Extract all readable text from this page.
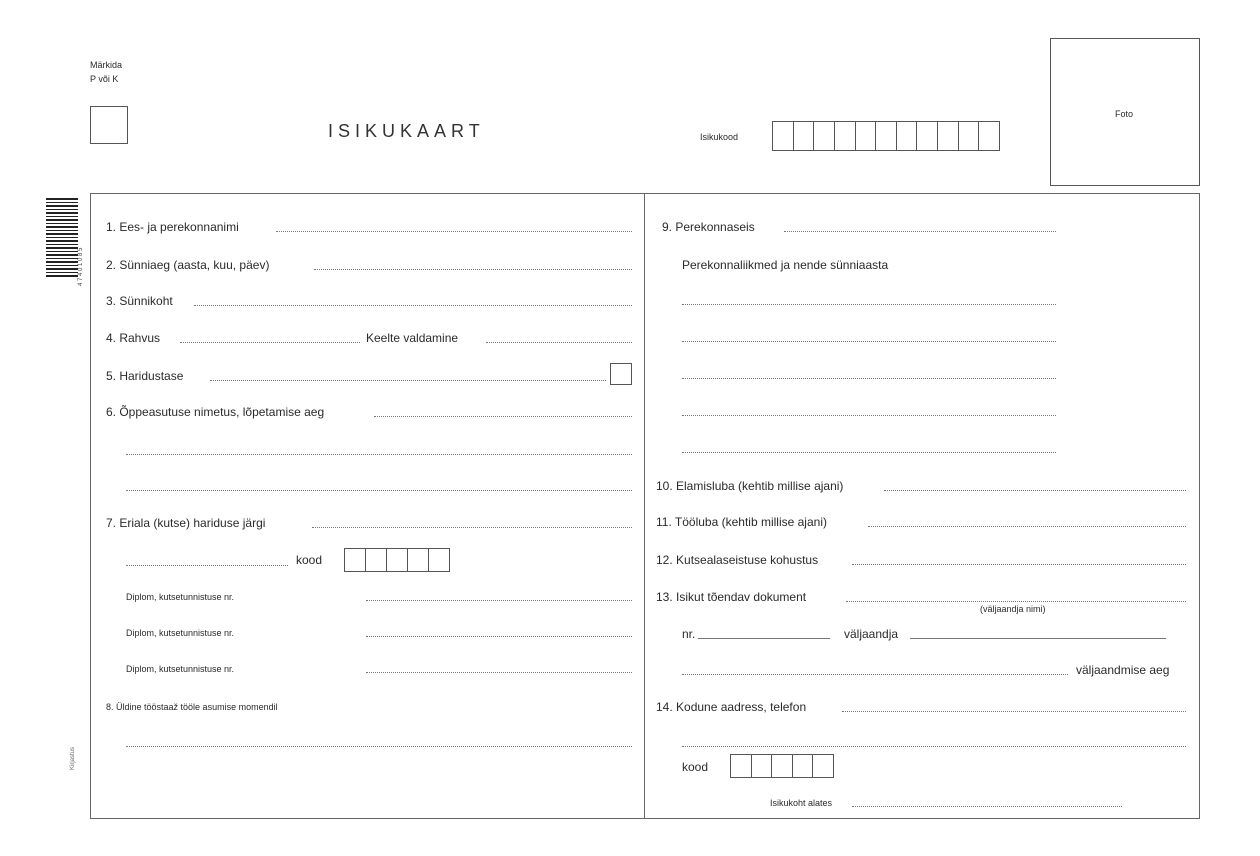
Märkida
P või K
ISIKUKAART	Isikukood
Foto
4 7 4 0 1 0 8 5
Kirjastus
1. Ees- ja perekonnanimi
2. Sünniaeg (aasta, kuu, päev)
3. Sünnikoht
4. Rahvus	Keelte valdamine
5. Haridustase
6. Õppeasutuse nimetus, lõpetamise aeg
7. Eriala (kutse) hariduse järgi
kood
Diplom, kutsetunnistuse nr.
Diplom, kutsetunnistuse nr.
Diplom, kutsetunnistuse nr.
8. Üldine tööstaaž tööle asumise momendil
9. Perekonnaseis
Perekonnaliikmed ja nende sünniaasta
10. Elamisluba (kehtib millise ajani)
11. Tööluba (kehtib millise ajani)
12. Kutsealaseistuse kohustus
13. Isikut tõendav dokument
(väljaandja nimi)
nr.	väljaandja
väljaandmise aeg
14. Kodune aadress, telefon
kood
Isikukoht alates
